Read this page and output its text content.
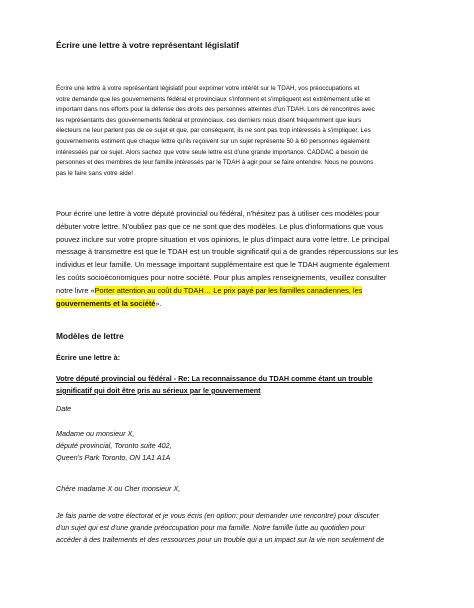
Écrire une lettre à votre représentant législatif
Écrire une lettre à votre représentant législatif pour exprimer votre intérêt sur le TDAH, vos préoccupations et
votre demande que les gouvernements fédéral et provinciaux s'informent et s'impliquent est extrêmement utile et
important dans nos efforts pour la défense des droits des personnes atteintes d'un TDAH. Lors de rencontres avec
les représentants des gouvernements fédéral et provinciaux, ces derniers nous disent fréquemment que leurs
électeurs ne leur parlent pas de ce sujet et que, par conséquent, ils ne sont pas trop intéressés à s'impliquer. Les
gouvernements estiment que chaque lettre qu'ils reçoivent sur un sujet représente 50 à 60 personnes également
intéressées par ce sujet. Alors sachez que votre seule lettre est d'une grande importance. CADDAC a besoin de
personnes et des membres de leur famille intéressés par le TDAH à agir pour se faire entendre. Nous ne pouvons
pas le faire sans votre aide!
Pour écrire une lettre à votre député provincial ou fédéral, n'hésitez pas à utiliser ces modèles pour
débuter votre lettre. N'oubliez pas que ce ne sont que des modèles. Le plus d'informations que vous
pouvez inclure sur votre propre situation et vos opinions, le plus d'impact aura votre lettre. Le principal
message à transmettre est que le TDAH est un trouble significatif qui a de grandes répercussions sur les
individus et leur famille. Un message important supplémentaire est que le TDAH augmente également
les coûts socioéconomiques pour notre société. Pour plus amples renseignements, veuillez consulter
notre livre «Porter attention au coût du TDAH… Le prix payé par les familles canadiennes, les
gouvernements et la société».
Modèles de lettre
Écrire une lettre à:
Votre député provincial ou fédéral - Re: La reconnaissance du TDAH comme étant un trouble
significatif qui doit être pris au sérieux par le gouvernement
Date
Madame ou monsieur X,
député provincial, Toronto suite 402,
Queen's Park Toronto, ON 1A1 A1A
Chère madame X ou Cher monsieur X,
Je fais partie de votre électorat et je vous écris (en option: pour demander une rencontre) pour discuter
d'un sujet qui est d'une grande préoccupation pour ma famille. Notre famille lutte au quotidien pour
accéder à des traitements et des ressources pour un trouble qui a un impact sur la vie non seulement de
